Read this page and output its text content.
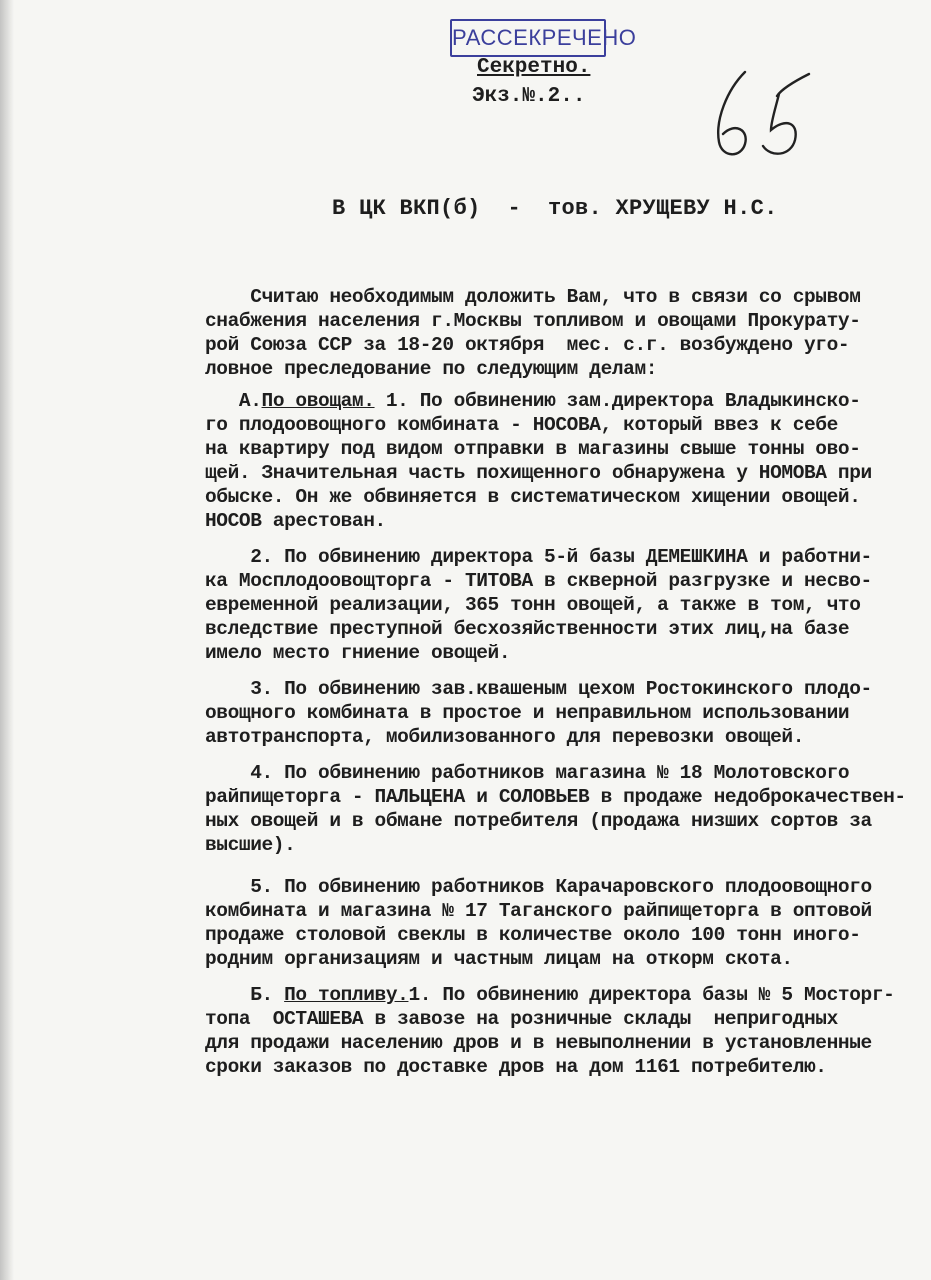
РАССЕКРЕЧЕНО
Секретно.
Экз.№.2..
В ЦК ВКП(б)  -  тов. ХРУЩЕВУ Н.С.
Считаю необходимым доложить Вам, что в связи со срывом
снабжения населения г.Москвы топливом и овощами Прокурату-
рой Союза ССР за 18-20 октября  мес. с.г. возбуждено уго-
ловное преследование по следующим делам:
А.По овощам. 1. По обвинению зам.директора Владыкинско-
го плодоовощного комбината - НОСОВА, который ввез к себе
на квартиру под видом отправки в магазины свыше тонны ово-
щей. Значительная часть похищенного обнаружена у НОМОВА при
обыске. Он же обвиняется в систематическом хищении овощей.
НОСОВ арестован.
2. По обвинению директора 5-й базы ДЕМЕШКИНА и работни-
ка Мосплодоовощторга - ТИТОВА в скверной разгрузке и несво-
евременной реализации, 365 тонн овощей, а также в том, что
вследствие преступной бесхозяйственности этих лиц,на базе
имело место гниение овощей.
3. По обвинению зав.квашеным цехом Ростокинского плодо-
овощного комбината в простое и неправильном использовании
автотранспорта, мобилизованного для перевозки овощей.
4. По обвинению работников магазина № 18 Молотовского
райпищеторга - ПАЛЬЦЕНА и СОЛОВЬЕВ в продаже недоброкачествен-
ных овощей и в обмане потребителя (продажа низших сортов за
высшие).
5. По обвинению работников Карачаровского плодоовощного
комбината и магазина № 17 Таганского райпищеторга в оптовой
продаже столовой свеклы в количестве около 100 тонн иного-
родним организациям и частным лицам на откорм скота.
Б. По топливу.1. По обвинению директора базы № 5 Мосторг-
топа  ОСТАШЕВА в завозе на розничные склады  непригодных
для продажи населению дров и в невыполнении в установленные
сроки заказов по доставке дров на дом 1161 потребителю.
